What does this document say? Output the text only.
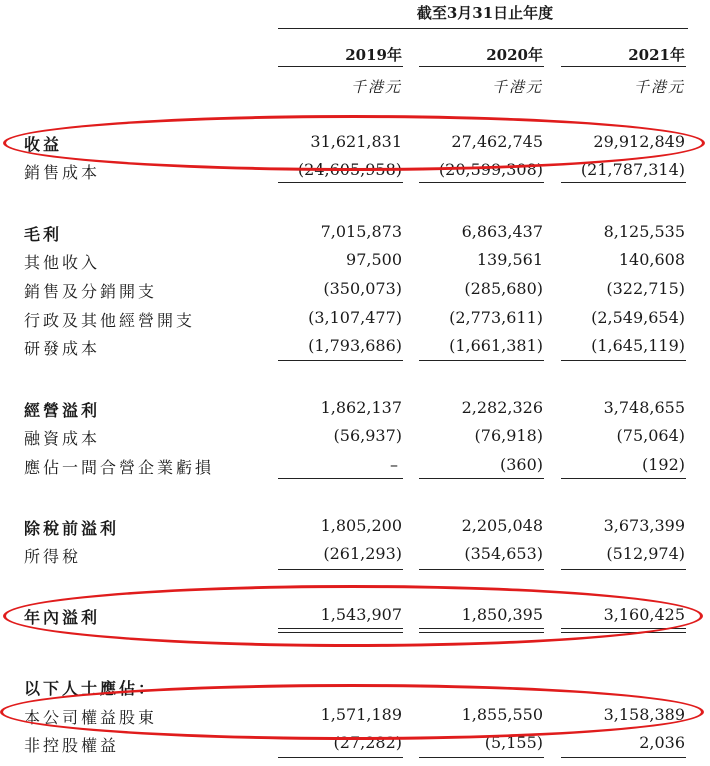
截至3月31日止年度
2019年	2020年	2021年
千港元	千港元	千港元
收益	31,621,831	27,462,745	29,912,849
銷售成本	(24,605,958)	(20,599,308)	(21,787,314)
毛利	7,015,873	6,863,437	8,125,535
其他收入	97,500	139,561	140,608
銷售及分銷開支	(350,073)	(285,680)	(322,715)
行政及其他經營開支	(3,107,477)	(2,773,611)	(2,549,654)
研發成本	(1,793,686)	(1,661,381)	(1,645,119)
經營溢利	1,862,137	2,282,326	3,748,655
融資成本	(56,937)	(76,918)	(75,064)
應佔一間合營企業虧損	–	(360)	(192)
除稅前溢利	1,805,200	2,205,048	3,673,399
所得稅	(261,293)	(354,653)	(512,974)
年內溢利	1,543,907	1,850,395	3,160,425
以下人士應佔：
本公司權益股東	1,571,189	1,855,550	3,158,389
非控股權益	(27,282)	(5,155)	2,036
